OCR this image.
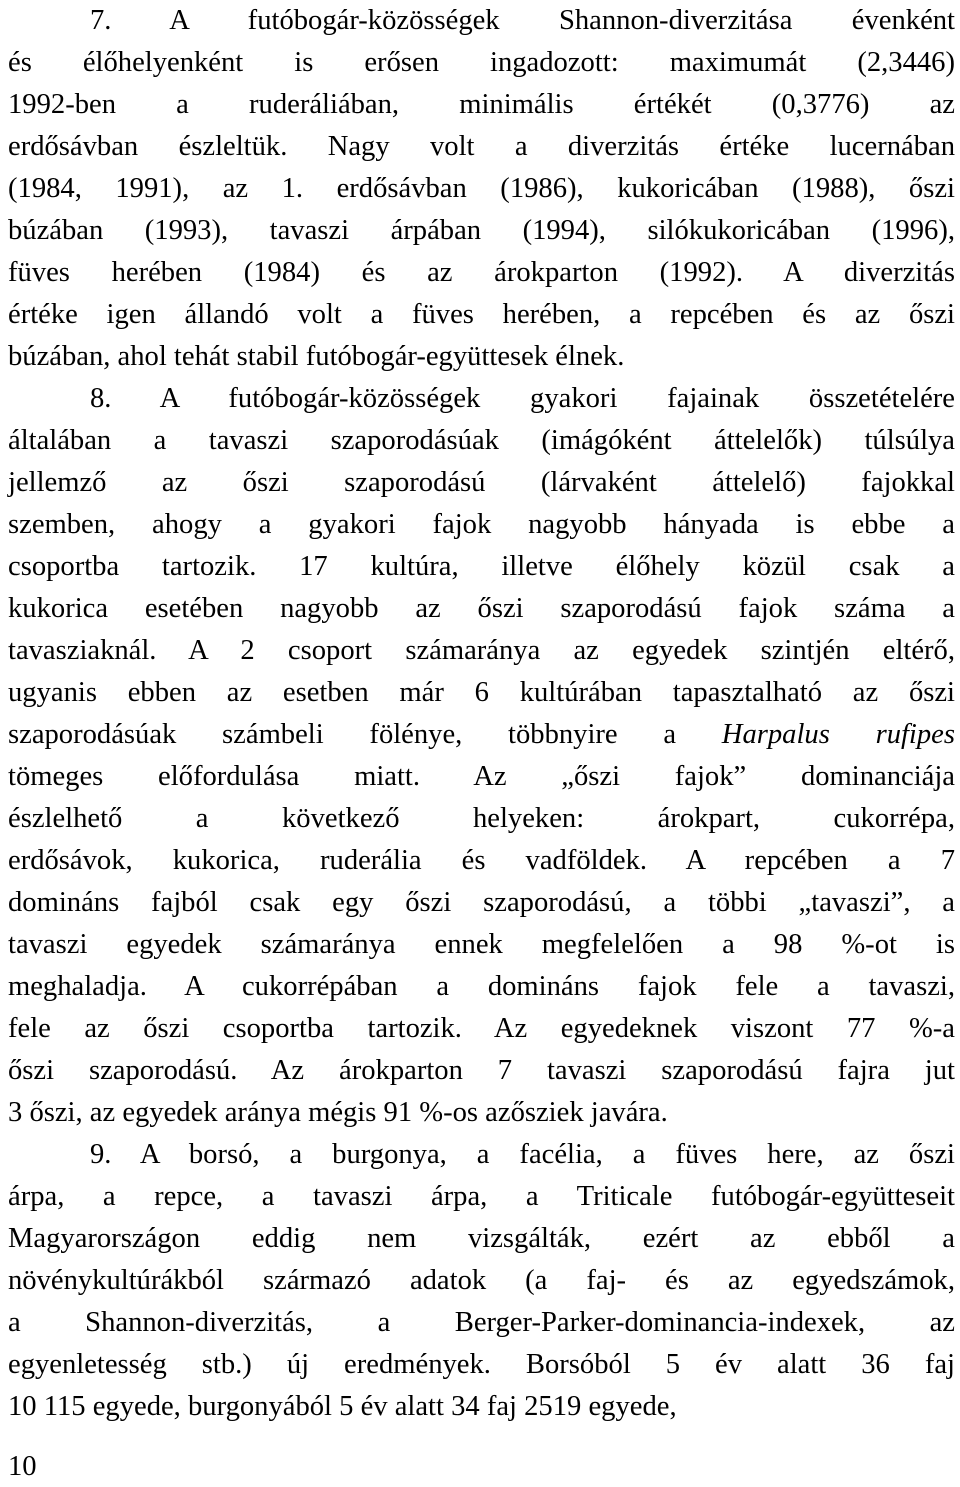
7. A futóbogár-közösségek Shannon-diverzitása évenként
és élőhelyenként is erősen ingadozott: maximumát (2,3446)
1992-ben a ruderáliában, minimális értékét (0,3776) az
erdősávban észleltük. Nagy volt a diverzitás értéke lucernában
(1984, 1991), az 1. erdősávban (1986), kukoricában (1988), őszi
búzában (1993), tavaszi árpában (1994), silókukoricában (1996),
füves herében (1984) és az árokparton (1992). A diverzitás
értéke igen állandó volt a füves herében, a repcében és az őszi
búzában, ahol tehát stabil futóbogár-együttesek élnek.
8. A futóbogár-közösségek gyakori fajainak összetételére
általában a tavaszi szaporodásúak (imágóként áttelelők) túlsúlya
jellemző az őszi szaporodású (lárvaként áttelelő) fajokkal
szemben, ahogy a gyakori fajok nagyobb hányada is ebbe a
csoportba tartozik. 17 kultúra, illetve élőhely közül csak a
kukorica esetében nagyobb az őszi szaporodású fajok száma a
tavasziaknál. A 2 csoport számaránya az egyedek szintjén eltérő,
ugyanis ebben az esetben már 6 kultúrában tapasztalható az őszi
szaporodásúak számbeli fölénye, többnyire a Harpalus rufipes
tömeges előfordulása miatt. Az „őszi fajok” dominanciája
észlelhető a következő helyeken: árokpart, cukorrépa,
erdősávok, kukorica, ruderália és vadföldek. A repcében a 7
domináns fajból csak egy őszi szaporodású, a többi „tavaszi”, a
tavaszi egyedek számaránya ennek megfelelően a 98 %-ot is
meghaladja. A cukorrépában a domináns fajok fele a tavaszi,
fele az őszi csoportba tartozik. Az egyedeknek viszont 77 %-a
őszi szaporodású. Az árokparton 7 tavaszi szaporodású fajra jut
3 őszi, az egyedek aránya mégis 91 %-os azősziek javára.
9. A borsó, a burgonya, a facélia, a füves here, az őszi
árpa, a repce, a tavaszi árpa, a Triticale futóbogár-együtteseit
Magyarországon eddig nem vizsgálták, ezért az ebből a
növénykultúrákból származó adatok (a faj- és az egyedszámok,
a Shannon-diverzitás, a Berger-Parker-dominancia-indexek, az
egyenletesség stb.) új eredmények. Borsóból 5 év alatt 36 faj
10 115 egyede, burgonyából 5 év alatt 34 faj 2519 egyede,
10
